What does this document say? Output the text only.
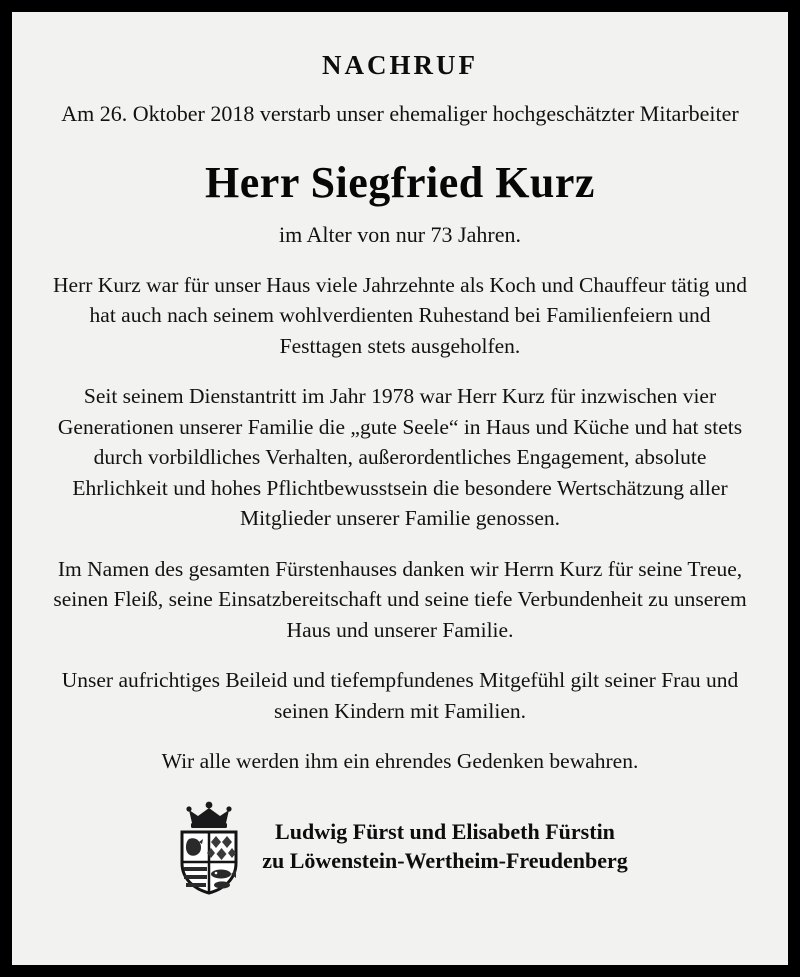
NACHRUF
Am 26. Oktober 2018 verstarb unser ehemaliger hochgeschätzter Mitarbeiter
Herr Siegfried Kurz
im Alter von nur 73 Jahren.

Herr Kurz war für unser Haus viele Jahrzehnte als Koch und Chauffeur tätig und hat auch nach seinem wohlverdienten Ruhestand bei Familienfeiern und Festtagen stets ausgeholfen.

Seit seinem Dienstantritt im Jahr 1978 war Herr Kurz für inzwischen vier Generationen unserer Familie die „gute Seele“ in Haus und Küche und hat stets durch vorbildliches Verhalten, außerordentliches Engagement, absolute Ehrlichkeit und hohes Pflichtbewusstsein die besondere Wertschätzung aller Mitglieder unserer Familie genossen.

Im Namen des gesamten Fürstenhauses danken wir Herrn Kurz für seine Treue, seinen Fleiß, seine Einsatzbereitschaft und seine tiefe Verbundenheit zu unserem Haus und unserer Familie.

Unser aufrichtiges Beileid und tiefempfundenes Mitgefühl gilt seiner Frau und seinen Kindern mit Familien.

Wir alle werden ihm ein ehrendes Gedenken bewahren.

Ludwig Fürst und Elisabeth Fürstin
zu Löwenstein-Wertheim-Freudenberg
